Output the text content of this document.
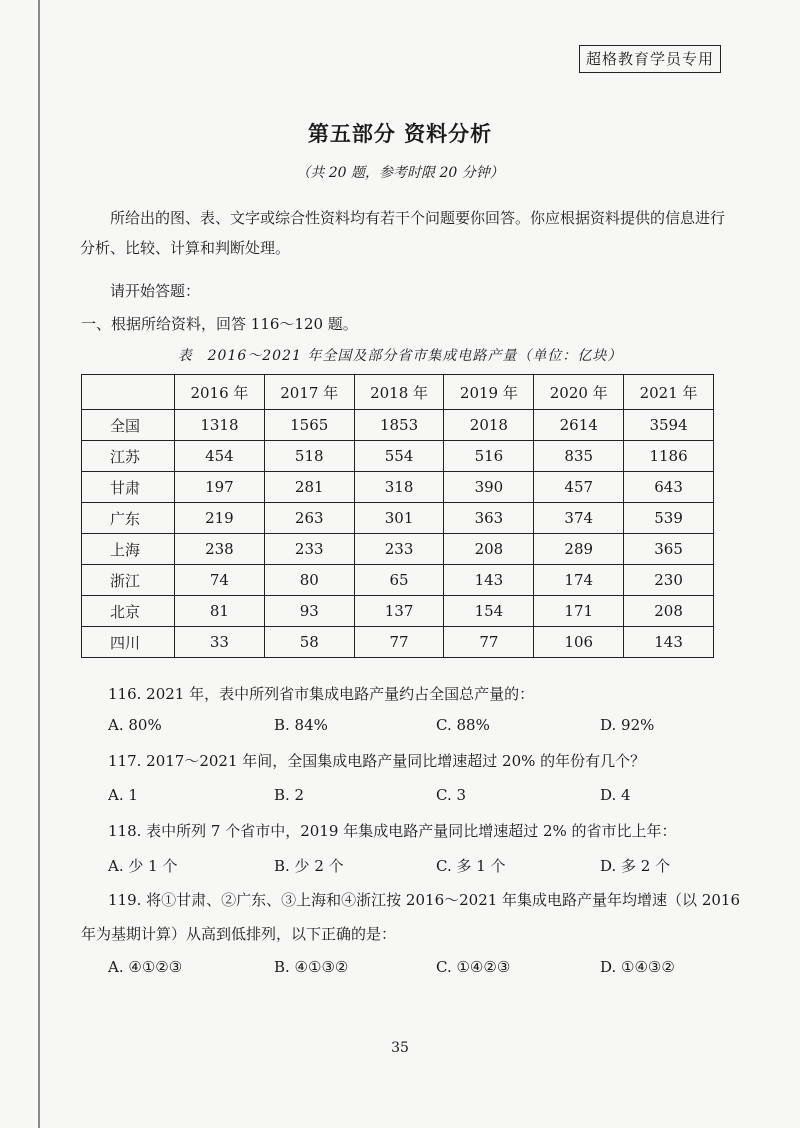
超格教育学员专用
第五部分 资料分析
（共 20 题，参考时限 20 分钟）
所给出的图、表、文字或综合性资料均有若干个问题要你回答。你应根据资料提供的信息进行分析、比较、计算和判断处理。
请开始答题：
一、根据所给资料，回答 116～120 题。
表　2016～2021 年全国及部分省市集成电路产量（单位：亿块）
	2016 年	2017 年	2018 年	2019 年	2020 年	2021 年
全国	1318	1565	1853	2018	2614	3594
江苏	454	518	554	516	835	1186
甘肃	197	281	318	390	457	643
广东	219	263	301	363	374	539
上海	238	233	233	208	289	365
浙江	74	80	65	143	174	230
北京	81	93	137	154	171	208
四川	33	58	77	77	106	143
116. 2021 年，表中所列省市集成电路产量约占全国总产量的：
A. 80%	B. 84%	C. 88%	D. 92%
117. 2017～2021 年间，全国集成电路产量同比增速超过 20% 的年份有几个？
A. 1	B. 2	C. 3	D. 4
118. 表中所列 7 个省市中，2019 年集成电路产量同比增速超过 2% 的省市比上年：
A. 少 1 个	B. 少 2 个	C. 多 1 个	D. 多 2 个
119. 将①甘肃、②广东、③上海和④浙江按 2016～2021 年集成电路产量年均增速（以 2016
年为基期计算）从高到低排列，以下正确的是：
A. ④①②③	B. ④①③②	C. ①④②③	D. ①④③②
35
